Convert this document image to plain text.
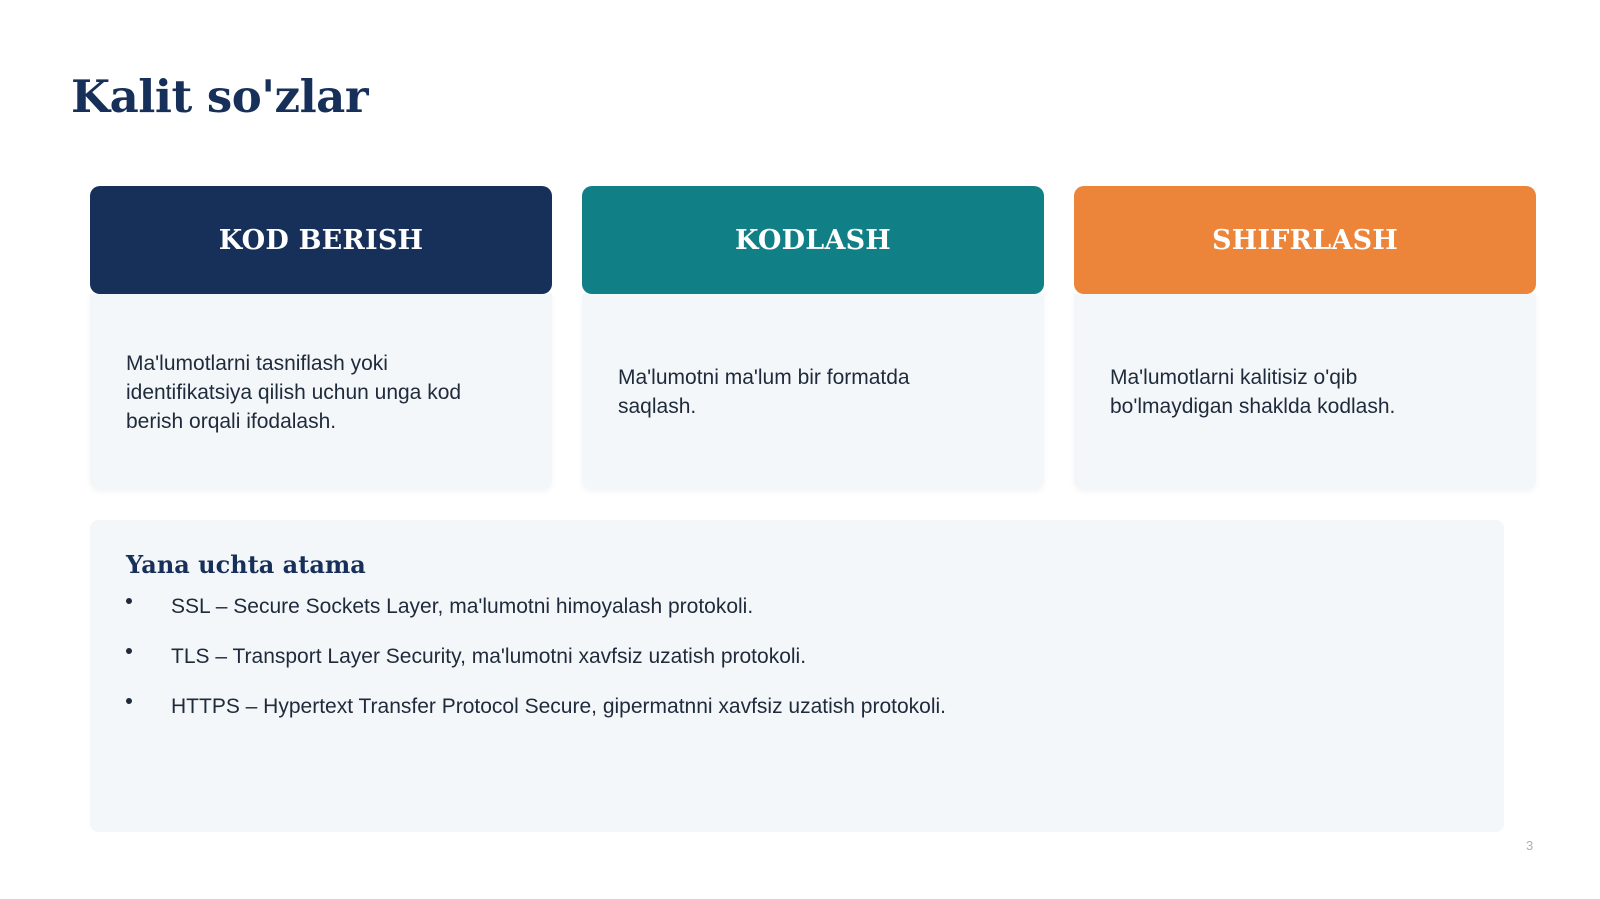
Kalit so'zlar
KOD BERISH

Ma'lumotlarni tasniflash yoki identifikatsiya qilish uchun unga kod berish orqali ifodalash.

KODLASH

Ma'lumotni ma'lum bir formatda saqlash.

SHIFRLASH

Ma'lumotlarni kalitisiz o'qib bo'lmaydigan shaklda kodlash.

Yana uchta atama
SSL – Secure Sockets Layer, ma'lumotni himoyalash protokoli.
TLS – Transport Layer Security, ma'lumotni xavfsiz uzatish protokoli.
HTTPS – Hypertext Transfer Protocol Secure, gipermatnni xavfsiz uzatish protokoli.
3
